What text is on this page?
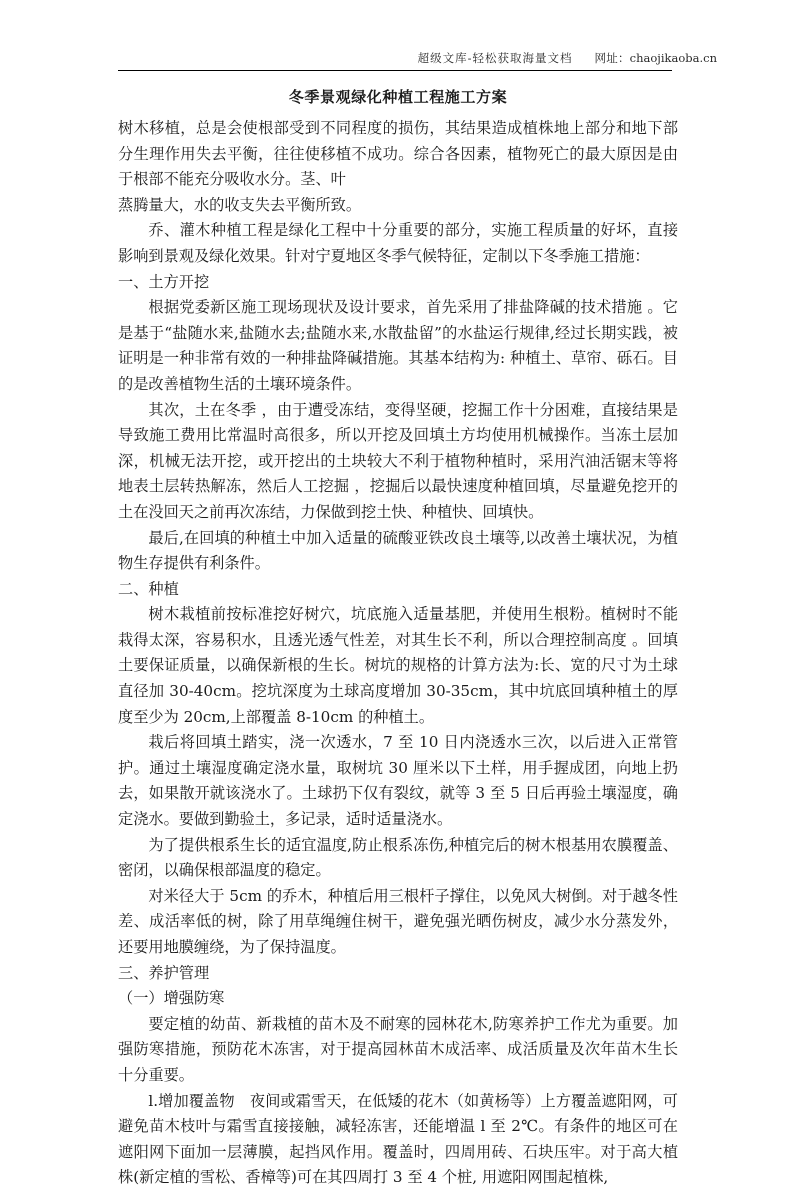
超级文库-轻松获取海量文档 网址：chaojikaoba.cn
冬季景观绿化种植工程施工方案

树木移植，总是会使根部受到不同程度的损伤，其结果造成植株地上部分和地下部分生理作用失去平衡，往往使移植不成功。综合各因素，植物死亡的最大原因是由于根部不能充分吸收水分。茎、叶

蒸腾量大，水的收支失去平衡所致。

乔、灌木种植工程是绿化工程中十分重要的部分，实施工程质量的好坏，直接影响到景观及绿化效果。针对宁夏地区冬季气候特征，定制以下冬季施工措施：

一、土方开挖

根据党委新区施工现场现状及设计要求，首先采用了排盐降碱的技术措施 。它是基于“盐随水来,盐随水去;盐随水来,水散盐留”的水盐运行规律,经过长期实践，被证明是一种非常有效的一种排盐降碱措施。其基本结构为: 种植土、草帘、砾石。目的是改善植物生活的土壤环境条件。

其次，土在冬季 ，由于遭受冻结，变得坚硬，挖掘工作十分困难，直接结果是导致施工费用比常温时高很多，所以开挖及回填土方均使用机械操作。当冻土层加深，机械无法开挖，或开挖出的土块较大不利于植物种植时，采用汽油活锯末等将地表土层转热解冻，然后人工挖掘 ，挖掘后以最快速度种植回填，尽量避免挖开的土在没回天之前再次冻结，力保做到挖土快、种植快、回填快。

最后,在回填的种植土中加入适量的硫酸亚铁改良土壤等,以改善土壤状况，为植物生存提供有利条件。

二、种植

树木栽植前按标准挖好树穴，坑底施入适量基肥，并使用生根粉。植树时不能栽得太深，容易积水，且透光透气性差，对其生长不利，所以合理控制高度 。回填土要保证质量，以确保新根的生长。树坑的规格的计算方法为:长、宽的尺寸为土球直径加 30-40cm。挖坑深度为土球高度增加 30-35cm，其中坑底回填种植土的厚度至少为 20cm,上部覆盖 8-10cm 的种植土。

栽后将回填土踏实，浇一次透水，7 至 10 日内浇透水三次，以后进入正常管护。通过土壤湿度确定浇水量，取树坑 30 厘米以下土样，用手握成团，向地上扔去，如果散开就该浇水了。土球扔下仅有裂纹，就等 3 至 5 日后再验土壤湿度，确定浇水。要做到勤验土，多记录，适时适量浇水。

为了提供根系生长的适宜温度,防止根系冻伤,种植完后的树木根基用农膜覆盖、密闭，以确保根部温度的稳定。

对米径大于 5cm 的乔木，种植后用三根杆子撑住，以免风大树倒。对于越冬性差、成活率低的树，除了用草绳缠住树干，避免强光晒伤树皮，减少水分蒸发外，还要用地膜缠绕，为了保持温度。

三、养护管理

（一）增强防寒

要定植的幼苗、新栽植的苗木及不耐寒的园林花木,防寒养护工作尤为重要。加强防寒措施，预防花木冻害，对于提高园林苗木成活率、成活质量及次年苗木生长十分重要。

l.增加覆盖物　夜间或霜雪天，在低矮的花木（如黄杨等）上方覆盖遮阳网，可避免苗木枝叶与霜雪直接接触，减轻冻害，还能增温 l 至 2℃。有条件的地区可在遮阳网下面加一层薄膜，起挡风作用。覆盖时，四周用砖、石块压牢。对于高大植株(新定植的雪松、香樟等)可在其四周打 3 至 4 个桩, 用遮阳网围起植株,
